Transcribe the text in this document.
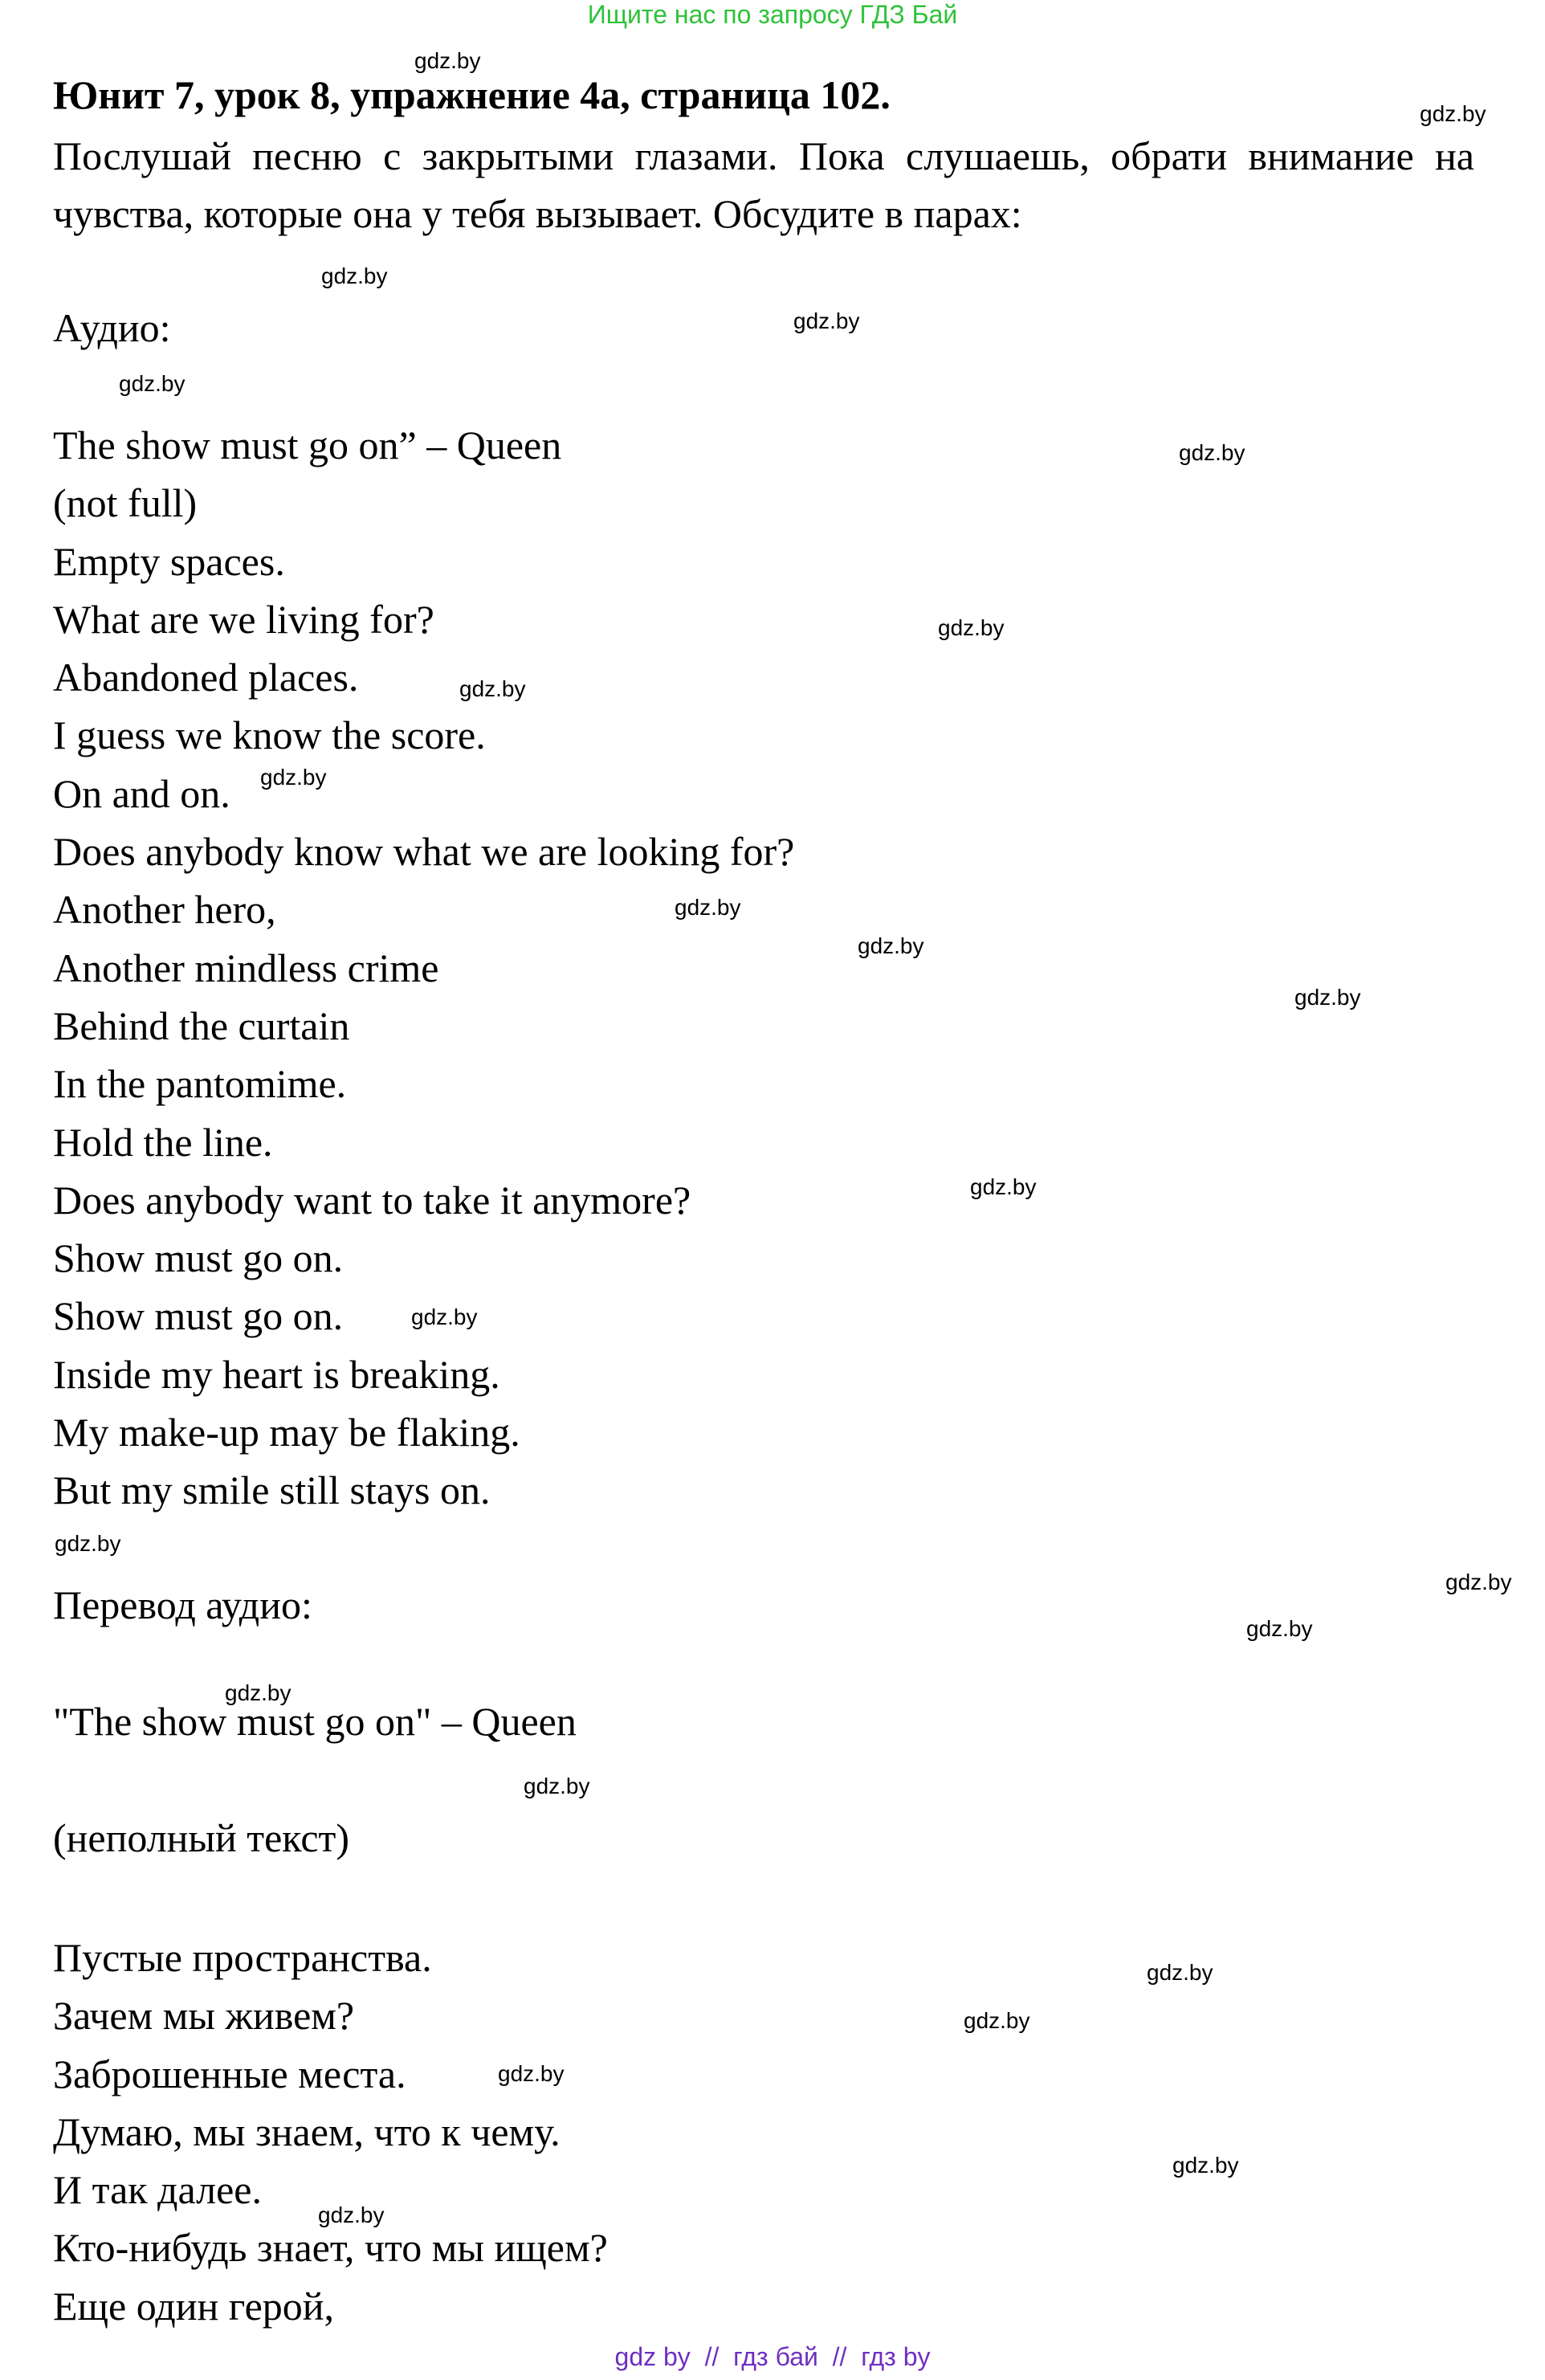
Ищите нас по запросу ГДЗ Бай
Юнит 7, урок 8, упражнение 4а, страница 102.
Послушай песню с закрытыми глазами. Пока слушаешь, обрати внимание на чувства, которые она у тебя вызывает. Обсудите в парах:
Аудио:
The show must go on” – Queen
(not full)
Empty spaces.
What are we living for?
Abandoned places.
I guess we know the score.
On and on.
Does anybody know what we are looking for?
Another hero,
Another mindless crime
Behind the curtain
In the pantomime.
Hold the line.
Does anybody want to take it anymore?
Show must go on.
Show must go on.
Inside my heart is breaking.
My make-up may be flaking.
But my smile still stays on.
Перевод аудио:
"The show must go on" – Queen
(неполный текст)
Пустые пространства.
Зачем мы живем?
Заброшенные места.
Думаю, мы знаем, что к чему.
И так далее.
Кто-нибудь знает, что мы ищем?
Еще один герой,
gdz.by
gdz.by
gdz.by
gdz.by
gdz.by
gdz.by
gdz.by
gdz.by
gdz.by
gdz.by
gdz.by
gdz.by
gdz.by
gdz.by
gdz.by
gdz.by
gdz.by
gdz.by
gdz.by
gdz.by
gdz.by
gdz.by
gdz.by
gdz.by
gdz by  //  гдз бай  //  гдз by
